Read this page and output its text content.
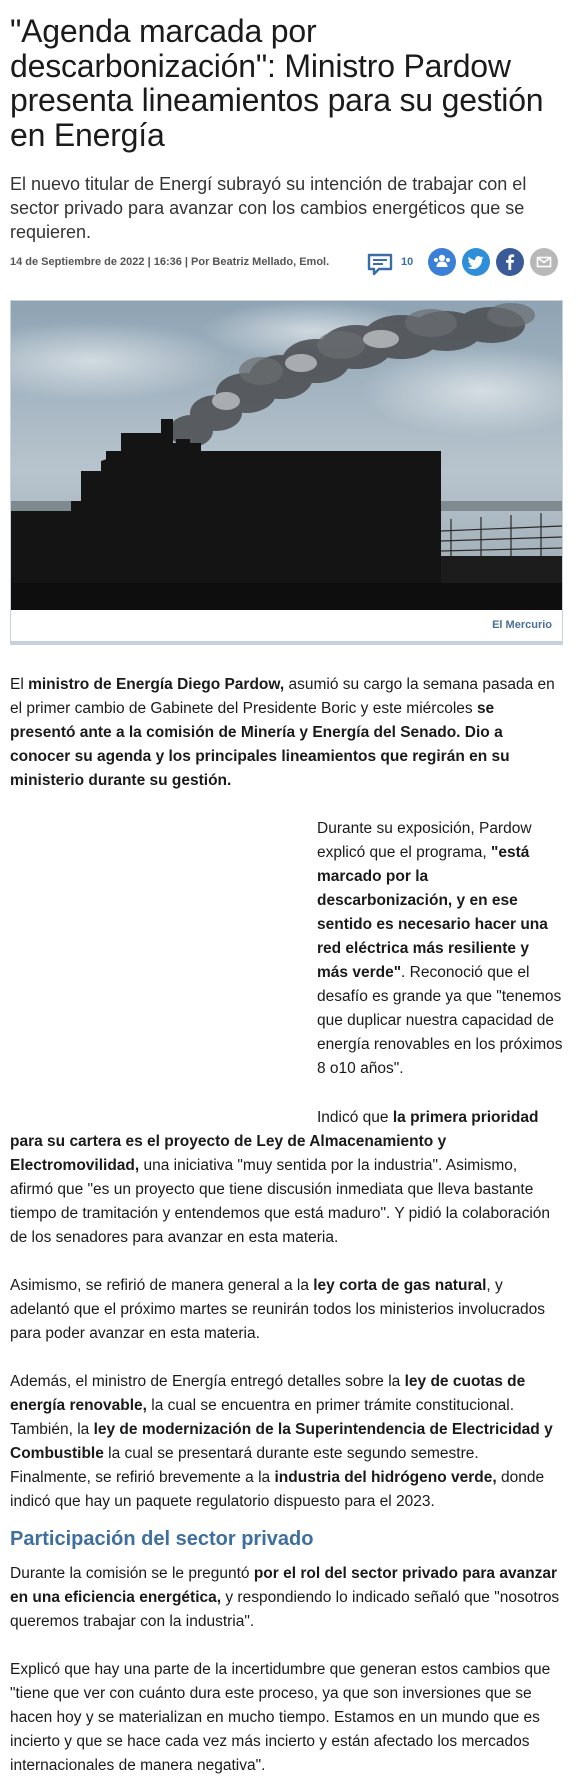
"Agenda marcada por descarbonización": Ministro Pardow presenta lineamientos para su gestión en Energía

El nuevo titular de Energí subrayó su intención de trabajar con el sector privado para avanzar con los cambios energéticos que se requieren.

14 de Septiembre de 2022 | 16:36 | Por Beatriz Mellado, Emol.	10
El Mercurio

El ministro de Energía Diego Pardow, asumió su cargo la semana pasada en el primer cambio de Gabinete del Presidente Boric y este miércoles se presentó ante a la comisión de Minería y Energía del Senado. Dio a conocer su agenda y los principales lineamientos que regirán en su ministerio durante su gestión.

Durante su exposición, Pardow explicó que el programa, "está marcado por la descarbonización, y en ese sentido es necesario hacer una red eléctrica más resiliente y más verde". Reconoció que el desafío es grande ya que "tenemos que duplicar nuestra capacidad de energía renovables en los próximos 8 o10 años".

Indicó que la primera prioridad para su cartera es el proyecto de Ley de Almacenamiento y Electromovilidad, una iniciativa "muy sentida por la industria". Asimismo, afirmó que "es un proyecto que tiene discusión inmediata que lleva bastante tiempo de tramitación y entendemos que está maduro". Y pidió la colaboración de los senadores para avanzar en esta materia.

Asimismo, se refirió de manera general a la ley corta de gas natural, y adelantó que el próximo martes se reunirán todos los ministerios involucrados para poder avanzar en esta materia.

Además, el ministro de Energía entregó detalles sobre la ley de cuotas de energía renovable, la cual se encuentra en primer trámite constitucional. También, la ley de modernización de la Superintendencia de Electricidad y Combustible la cual se presentará durante este segundo semestre. Finalmente, se refirió brevemente a la industria del hidrógeno verde, donde indicó que hay un paquete regulatorio dispuesto para el 2023.

Participación del sector privado

Durante la comisión se le preguntó por el rol del sector privado para avanzar en una eficiencia energética, y respondiendo lo indicado señaló que "nosotros queremos trabajar con la industria".

Explicó que hay una parte de la incertidumbre que generan estos cambios que "tiene que ver con cuánto dura este proceso, ya que son inversiones que se hacen hoy y se materializan en mucho tiempo. Estamos en un mundo que es incierto y que se hace cada vez más incierto y están afectado los mercados internacionales de manera negativa".
